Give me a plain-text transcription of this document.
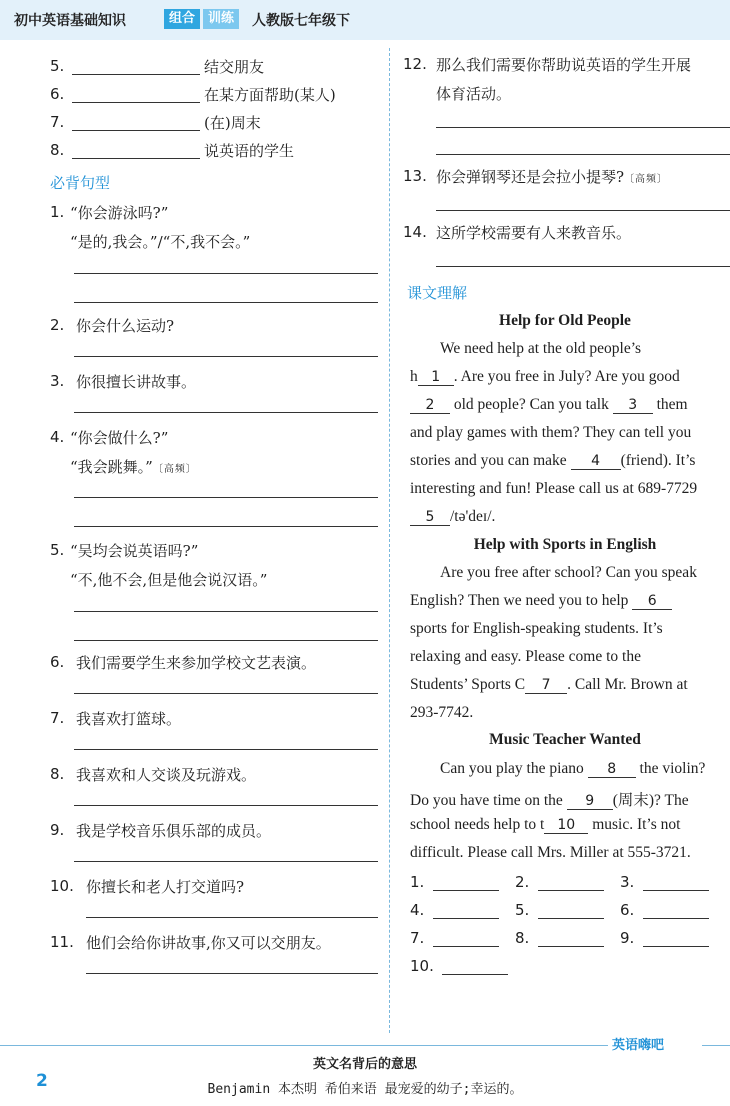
初中英语基础知识	组合 训练	人教版七年级下
5.	结交朋友
6.	在某方面帮助(某人)
7.	(在)周末
8.	说英语的学生
必背句型
1. “你会游泳吗?”
“是的,我会。”/“不,我不会。”
2. 你会什么运动?
3. 你很擅长讲故事。
4. “你会做什么?”
“我会跳舞。”〔高频〕
5. “吴均会说英语吗?”
“不,他不会,但是他会说汉语。”
6. 我们需要学生来参加学校文艺表演。
7. 我喜欢打篮球。
8. 我喜欢和人交谈及玩游戏。
9. 我是学校音乐俱乐部的成员。
10. 你擅长和老人打交道吗?
11. 他们会给你讲故事,你又可以交朋友。
12. 那么我们需要你帮助说英语的学生开展
体育活动。
13. 你会弹钢琴还是会拉小提琴?〔高频〕
14. 这所学校需要有人来教音乐。
课文理解
Help for Old People
We need help at the old people’s
h 1 . Are you free in July? Are you good
2 old people? Can you talk 3 them
and play games with them? They can tell you
stories and you can make 4 (friend). It’s
interesting and fun! Please call us at 689-7729
5 /tə'deɪ/.
Help with Sports in English
Are you free after school? Can you speak
English? Then we need you to help 6
sports for English-speaking students. It’s
relaxing and easy. Please come to the
Students’ Sports C 7 . Call Mr. Brown at
293-7742.
Music Teacher Wanted
Can you play the piano 8 the violin?
Do you have time on the 9 (周末)? The
school needs help to t 10 music. It’s not
difficult. Please call Mrs. Miller at 555-3721.
1.	2.	3.
4.	5.	6.
7.	8.	9.
10.
英语嗨吧
英文名背后的意思
Benjamin 本杰明 希伯来语 最宠爱的幼子;幸运的。
2
